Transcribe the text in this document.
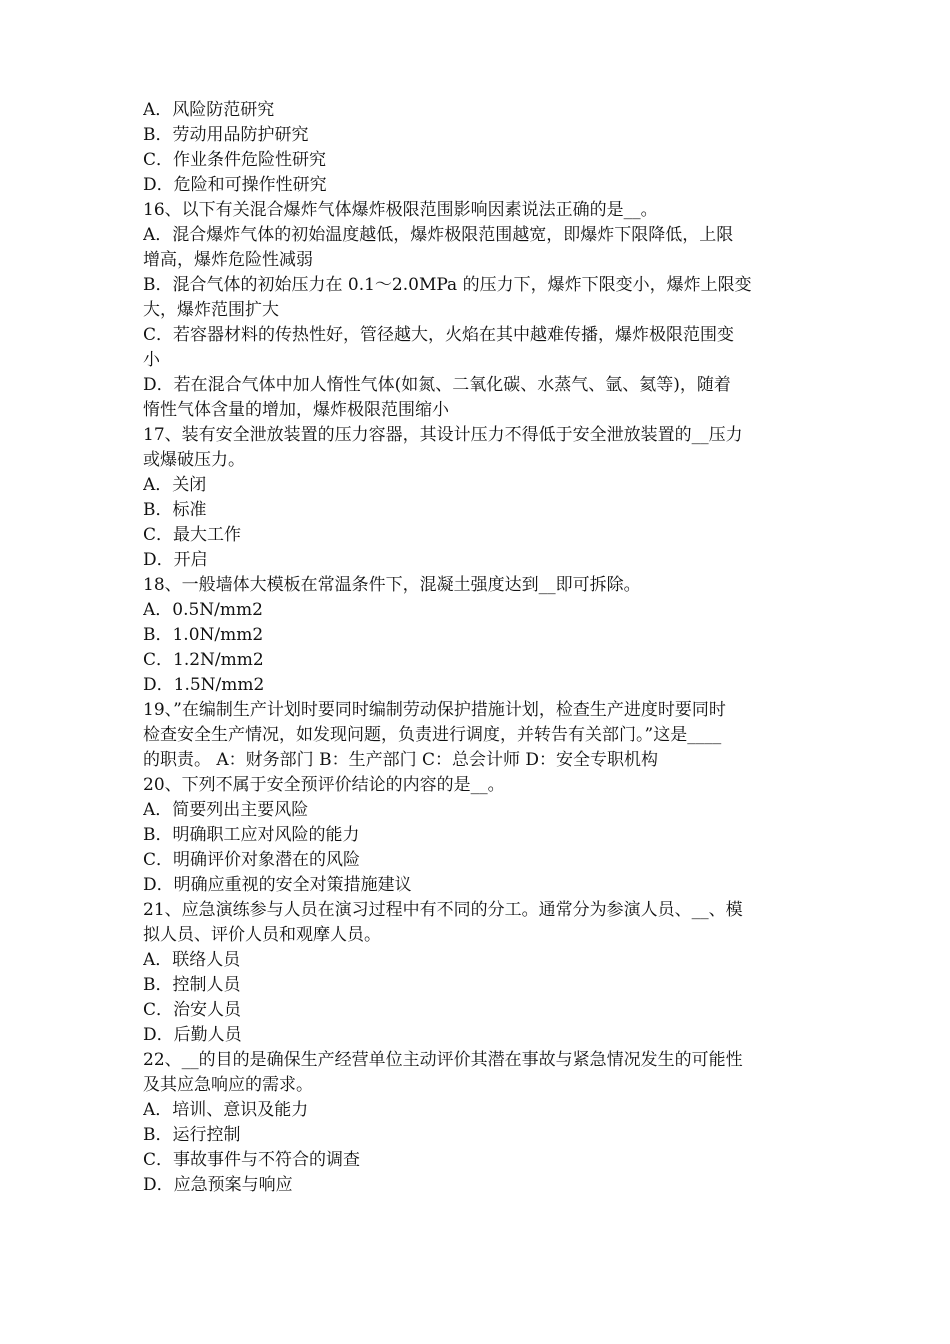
A．风险防范研究
B．劳动用品防护研究
C．作业条件危险性研究
D．危险和可操作性研究
16、以下有关混合爆炸气体爆炸极限范围影响因素说法正确的是__。
A．混合爆炸气体的初始温度越低，爆炸极限范围越宽，即爆炸下限降低，上限
增高，爆炸危险性减弱
B．混合气体的初始压力在 0.1～2.0MPa 的压力下，爆炸下限变小，爆炸上限变
大，爆炸范围扩大
C．若容器材料的传热性好，管径越大，火焰在其中越难传播，爆炸极限范围变
小
D．若在混合气体中加人惰性气体(如氮、二氧化碳、水蒸气、氩、氦等)，随着
惰性气体含量的增加，爆炸极限范围缩小
17、装有安全泄放装置的压力容器，其设计压力不得低于安全泄放装置的__压力
或爆破压力。
A．关闭
B．标准
C．最大工作
D．开启
18、一般墙体大模板在常温条件下，混凝土强度达到__即可拆除。
A．0.5N/mm2
B．1.0N/mm2
C．1.2N/mm2
D．1.5N/mm2
19、”在编制生产计划时要同时编制劳动保护措施计划，检查生产进度时要同时
检查安全生产情况，如发现问题，负责进行调度，并转告有关部门。”这是____
的职责。 A：财务部门 B：生产部门 C：总会计师 D：安全专职机构
20、下列不属于安全预评价结论的内容的是__。
A．简要列出主要风险
B．明确职工应对风险的能力
C．明确评价对象潜在的风险
D．明确应重视的安全对策措施建议
21、应急演练参与人员在演习过程中有不同的分工。通常分为参演人员、__、模
拟人员、评价人员和观摩人员。
A．联络人员
B．控制人员
C．治安人员
D．后勤人员
22、__的目的是确保生产经营单位主动评价其潜在事故与紧急情况发生的可能性
及其应急响应的需求。
A．培训、意识及能力
B．运行控制
C．事故事件与不符合的调查
D．应急预案与响应
